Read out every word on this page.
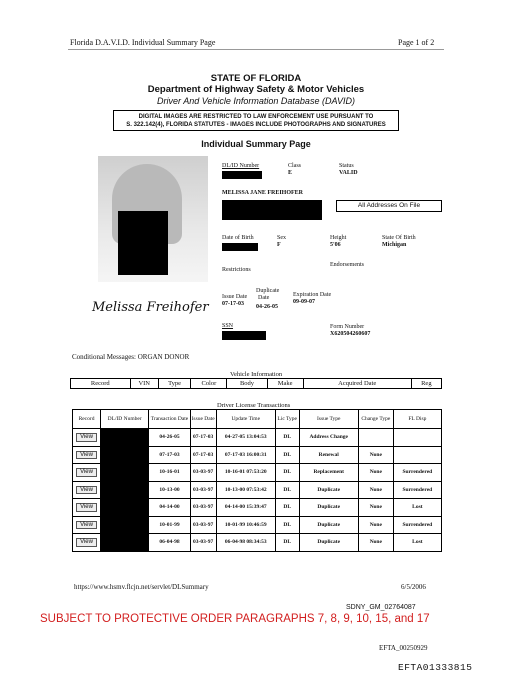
Florida D.A.V.I.D. Individual Summary Page	Page 1 of 2
STATE OF FLORIDA
Department of Highway Safety & Motor Vehicles
Driver And Vehicle Information Database (DAVID)
DIGITAL IMAGES ARE RESTRICTED TO LAW ENFORCEMENT USE PURSUANT TO
S. 322.142(4), FLORIDA STATUTES - IMAGES INCLUDE PHOTOGRAPHS AND SIGNATURES
Individual Summary Page
Melissa Freihofer
DL/ID Number	Class
E
Status
VALID
MELISSA JANE FREIHOFER
All Addresses On File
Date of Birth	Sex
F
Height
5'06
State Of Birth
Michigan
Restrictions
Endorsements
Issue Date
07-17-03
Duplicate
Date
04-26-05
Expiration Date
09-09-07
SSN	Form Number
X620504260607
Conditional Messages: ORGAN DONOR
Vehicle Information
Record	VIN	Type	Color	Body	Make	Acquired Date	Reg
Driver License Transactions
Record	DL/ID Number	Transaction Date	Issue Date	Update Time	Lic Type	Issue Type	Change Type	FL Disp
View		04-26-05	07-17-03	04-27-05 13:04:53	DL	Address Change		
View		07-17-03	07-17-03	07-17-03 16:00:31	DL	Renewal	None	
View		10-16-01	03-03-97	10-16-01 07:53:20	DL	Replacement	None	Surrendered
View		10-13-00	03-03-97	10-13-00 07:53:42	DL	Duplicate	None	Surrendered
View		04-14-00	03-03-97	04-14-00 15:39:47	DL	Duplicate	None	Lost
View		10-01-99	03-03-97	10-01-99 10:46:59	DL	Duplicate	None	Surrendered
View		06-04-98	03-03-97	06-04-98 08:34:53	DL	Duplicate	None	Lost
https://www.hsmv.flcjn.net/servlet/DLSummary	6/5/2006
SDNY_GM_02764087
SUBJECT TO PROTECTIVE ORDER PARAGRAPHS 7, 8, 9, 10, 15, and 17
EFTA_00250929
EFTA01333815
